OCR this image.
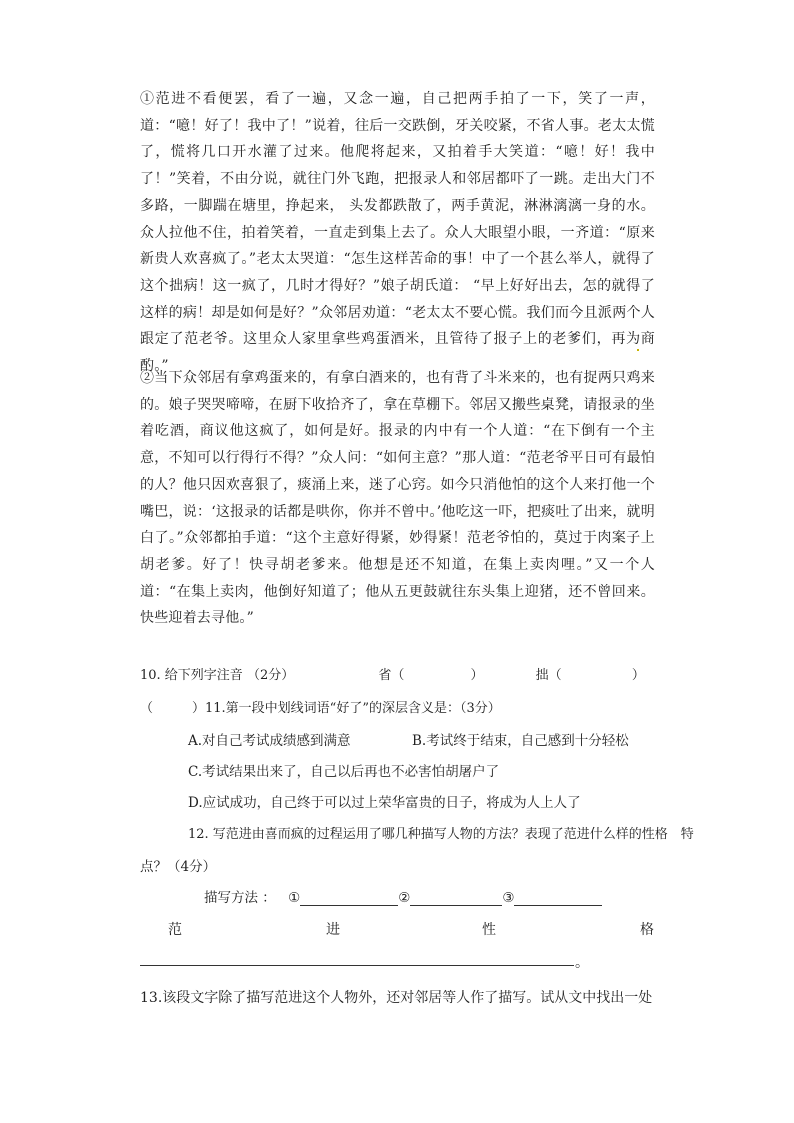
①范进不看便罢，看了一遍，又念一遍，自己把两手拍了一下，笑了一声，道：“噫！好了！我中了！”说着，往后一交跌倒，牙关咬紧，不省人事。老太太慌了，慌将几口开水灌了过来。他爬将起来，又拍着手大笑道：“噫！好！我中了！”笑着，不由分说，就往门外飞跑，把报录人和邻居都吓了一跳。走出大门不多路，一脚踹在塘里，挣起来， 头发都跌散了，两手黄泥，淋淋漓漓一身的水。众人拉他不住，拍着笑着，一直走到集上去了。众人大眼望小眼，一齐道：“原来新贵人欢喜疯了。”老太太哭道：“怎生这样苦命的事！中了一个甚么举人，就得了这个拙病！这一疯了，几时才得好？”娘子胡氏道： “早上好好出去，怎的就得了这样的病！却是如何是好？”众邻居劝道：“老太太不要心慌。我们而今且派两个人跟定了范老爷。这里众人家里拿些鸡蛋酒米，且管待了报子上的老爹们，再为商酌。”

②当下众邻居有拿鸡蛋来的，有拿白酒来的，也有背了斗米来的，也有捉两只鸡来的。娘子哭哭啼啼，在厨下收拾齐了，拿在草棚下。邻居又搬些桌凳，请报录的坐着吃酒，商议他这疯了，如何是好。报录的内中有一个人道：“在下倒有一个主意，不知可以行得行不得？”众人问：“如何主意？”那人道：“范老爷平日可有最怕的人？他只因欢喜狠了，痰涌上来，迷了心窍。如今只消他怕的这个人来打他一个嘴巴，说：‘这报录的话都是哄你，你并不曾中。’他吃这一吓，把痰吐了出来，就明白了。”众邻都拍手道：“这个主意好得紧，妙得紧！范老爷怕的，莫过于肉案子上胡老爹。好了！快寻胡老爹来。他想是还不知道，在集上卖肉哩。”又一个人道：“在集上卖肉，他倒好知道了；他从五更鼓就往东头集上迎猪，还不曾回来。快些迎着去寻他。”

10. 给下列字注音 （2分）	省（	）	拙（	）
（　　　）11.第一段中划线词语“好了”的深层含义是：（3分）
A.对自己考试成绩感到满意	B.考试终于结束，自己感到十分轻松
C.考试结果出来了，自己以后再也不必害怕胡屠户了
D.应试成功，自己终于可以过上荣华富贵的日子，将成为人上人了
12. 写范进由喜而疯的过程运用了哪几种描写人物的方法？表现了范进什么样的性格　特
点？（4分）
描写方法 ： ①	②	③
范	进	性	格
。
13.该段文字除了描写范进这个人物外，还对邻居等人作了描写。试从文中找出一处
